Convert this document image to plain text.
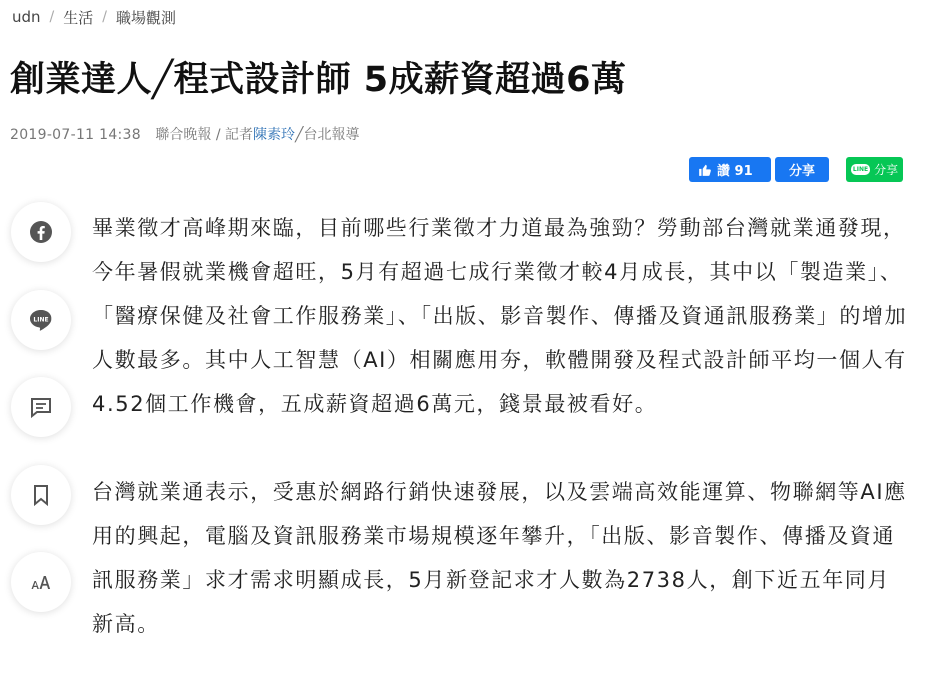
udn / 生活 / 職場觀測
創業達人╱程式設計師 5成薪資超過6萬
2019-07-11 14:38 聯合晚報 / 記者陳素玲╱台北報導
讚 91	分享	LINE 分享
LINE

畢業徵才高峰期來臨，目前哪些行業徵才力道最為強勁？勞動部台灣就業通發現，今年暑假就業機會超旺，5月有超過七成行業徵才較4月成長，其中以「製造業」、「醫療保健及社會工作服務業」、「出版、影音製作、傳播及資通訊服務業」的增加人數最多。其中人工智慧（AI）相關應用夯，軟體開發及程式設計師平均一個人有4.52個工作機會，五成薪資超過6萬元，錢景最被看好。

台灣就業通表示，受惠於網路行銷快速發展，以及雲端高效能運算、物聯網等AI應用的興起，電腦及資訊服務業市場規模逐年攀升，「出版、影音製作、傳播及資通訊服務業」求才需求明顯成長，5月新登記求才人數為2738人，創下近五年同月新高。
